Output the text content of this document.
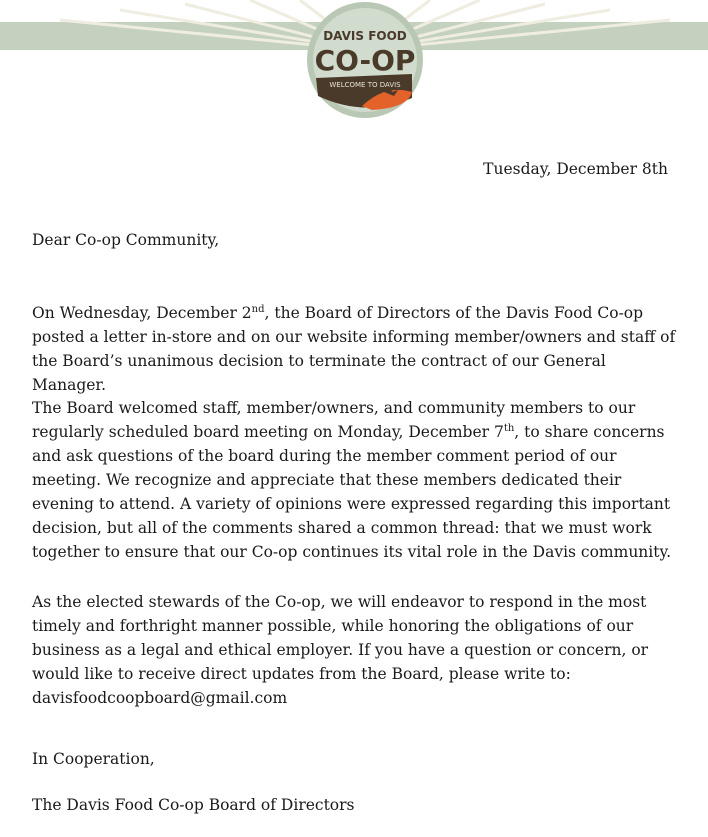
DAVIS FOOD
CO-OP
WELCOME TO DAVIS
Tuesday, December 8th
Dear Co-op Community,

On Wednesday, December 2nd, the Board of Directors of the Davis Food Co-op posted a letter in-store and on our website informing member/owners and staff of the Board’s unanimous decision to terminate the contract of our General Manager.

The Board welcomed staff, member/owners, and community members to our regularly scheduled board meeting on Monday, December 7th, to share concerns and ask questions of the board during the member comment period of our meeting. We recognize and appreciate that these members dedicated their evening to attend. A variety of opinions were expressed regarding this important decision, but all of the comments shared a common thread: that we must work together to ensure that our Co-op continues its vital role in the Davis community.

As the elected stewards of the Co-op, we will endeavor to respond in the most timely and forthright manner possible, while honoring the obligations of our business as a legal and ethical employer. If you have a question or concern, or would like to receive direct updates from the Board, please write to: davisfoodcoopboard@gmail.com

In Cooperation,
The Davis Food Co-op Board of Directors
